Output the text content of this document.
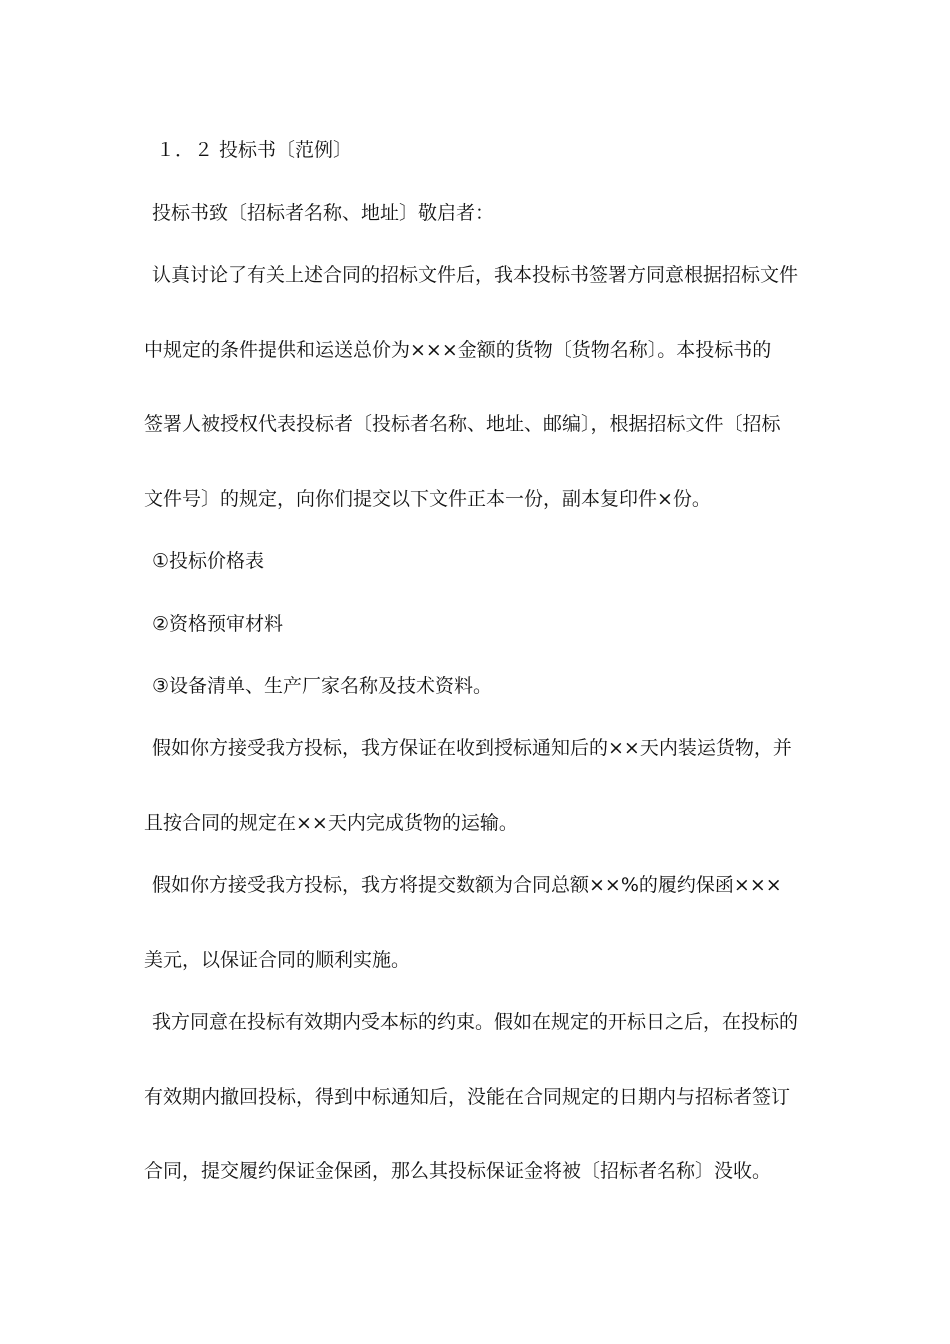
１．２ 投标书〔范例〕
投标书致〔招标者名称、地址〕敬启者：
认真讨论了有关上述合同的招标文件后，我本投标书签署方同意根据招标文件
中规定的条件提供和运送总价为×××金额的货物〔货物名称〕。本投标书的
签署人被授权代表投标者〔投标者名称、地址、邮编〕，根据招标文件〔招标
文件号〕的规定，向你们提交以下文件正本一份，副本复印件×份。
①投标价格表
②资格预审材料
③设备清单、生产厂家名称及技术资料。
假如你方接受我方投标，我方保证在收到授标通知后的××天内装运货物，并
且按合同的规定在××天内完成货物的运输。
假如你方接受我方投标，我方将提交数额为合同总额××%的履约保函×××
美元，以保证合同的顺利实施。
我方同意在投标有效期内受本标的约束。假如在规定的开标日之后，在投标的
有效期内撤回投标，得到中标通知后，没能在合同规定的日期内与招标者签订
合同，提交履约保证金保函，那么其投标保证金将被〔招标者名称〕没收。
